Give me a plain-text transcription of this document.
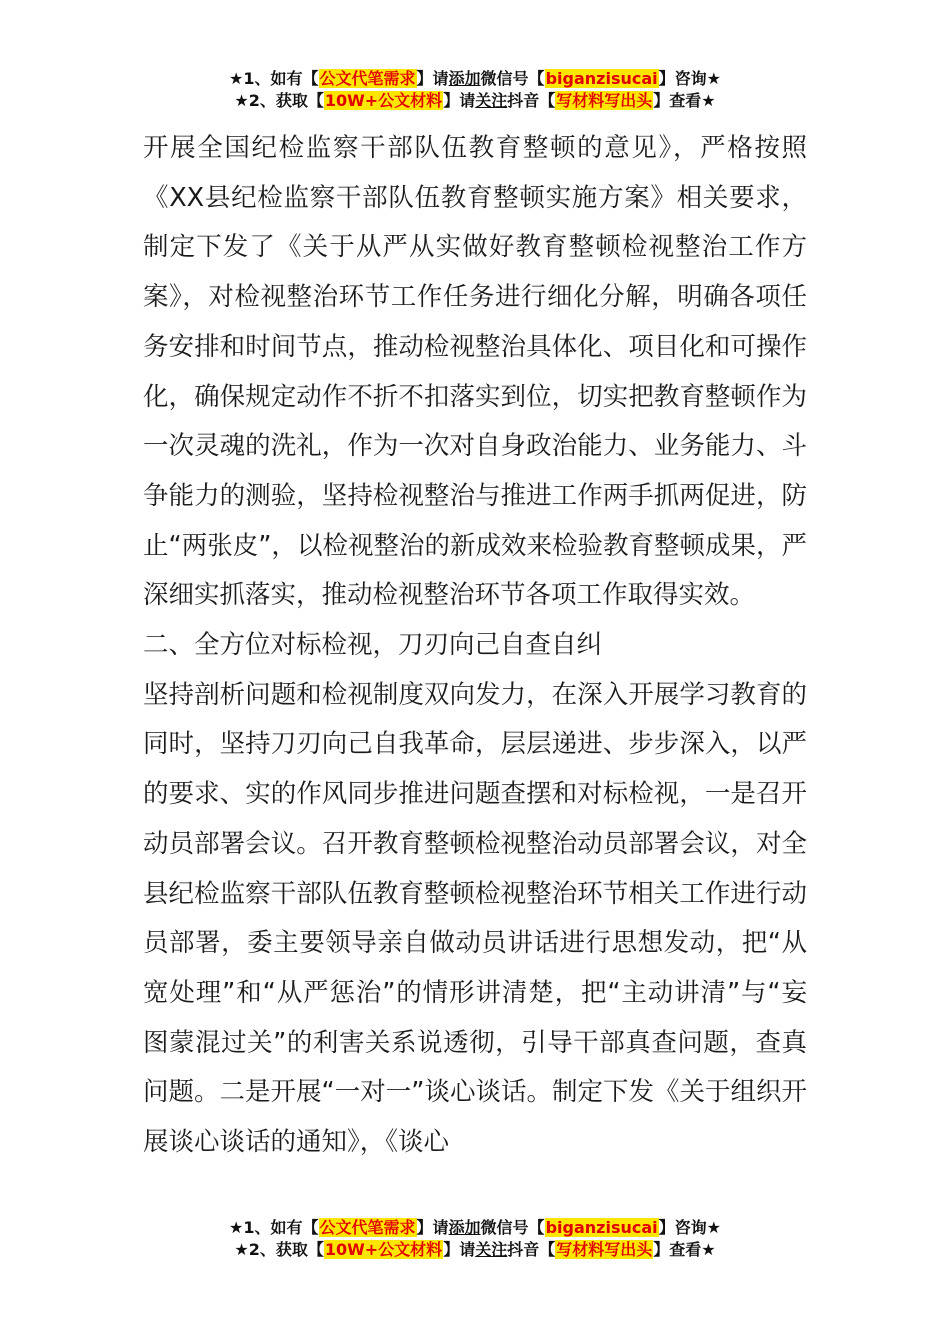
★1、如有【公文代笔需求】请添加微信号【biganzisucai】咨询★
★2、获取【10W+公文材料】请关注抖音【写材料写出头】查看★

开展全国纪检监察干部队伍教育整顿的意见》，严格按照《XX县纪检监察干部队伍教育整顿实施方案》相关要求，制定下发了《关于从严从实做好教育整顿检视整治工作方案》，对检视整治环节工作任务进行细化分解，明确各项任务安排和时间节点，推动检视整治具体化、项目化和可操作化，确保规定动作不折不扣落实到位，切实把教育整顿作为一次灵魂的洗礼，作为一次对自身政治能力、业务能力、斗争能力的测验，坚持检视整治与推进工作两手抓两促进，防止“两张皮”，以检视整治的新成效来检验教育整顿成果，严深细实抓落实，推动检视整治环节各项工作取得实效。

二、全方位对标检视，刀刃向己自查自纠

坚持剖析问题和检视制度双向发力，在深入开展学习教育的同时，坚持刀刃向己自我革命，层层递进、步步深入，以严的要求、实的作风同步推进问题查摆和对标检视，一是召开动员部署会议。召开教育整顿检视整治动员部署会议，对全县纪检监察干部队伍教育整顿检视整治环节相关工作进行动员部署，委主要领导亲自做动员讲话进行思想发动，把“从宽处理”和“从严惩治”的情形讲清楚，把“主动讲清”与“妄图蒙混过关”的利害关系说透彻，引导干部真查问题，查真问题。二是开展“一对一”谈心谈话。制定下发《关于组织开展谈心谈话的通知》，《谈心

★1、如有【公文代笔需求】请添加微信号【biganzisucai】咨询★
★2、获取【10W+公文材料】请关注抖音【写材料写出头】查看★
